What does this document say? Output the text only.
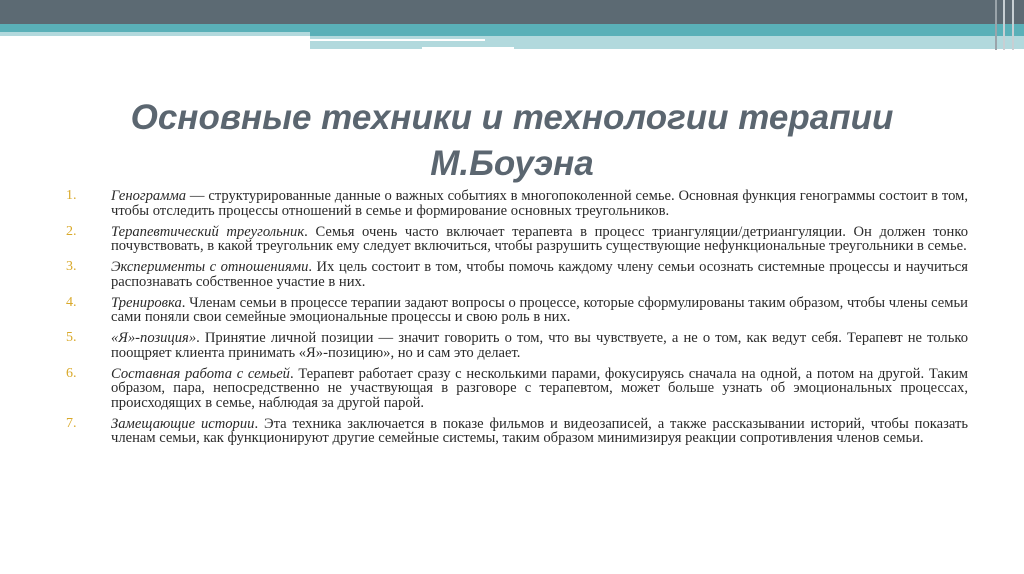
Основные техники и технологии терапии М.Боуэна
1.	Генограмма — структурированные данные о важных событиях в многопоколенной семье. Основная функция генограммы состоит в том, чтобы отследить процессы отношений в семье и формирование основных треугольников.
2.	Терапевтический треугольник. Семья очень часто включает терапевта в процесс триангуляции/детриангуляции. Он должен тонко почувствовать, в какой треугольник ему следует включиться, чтобы разрушить существующие нефункциональные треугольники в семье.
3.	Эксперименты с отношениями. Их цель состоит в том, чтобы помочь каждому члену семьи осознать системные процессы и научиться распознавать собственное участие в них.
4.	Тренировка. Членам семьи в процессе терапии задают вопросы о процессе, которые сформулированы таким образом, чтобы члены семьи сами поняли свои семейные эмоциональные процессы и свою роль в них.
5.	«Я»-позиция». Принятие личной позиции — значит говорить о том, что вы чувствуете, а не о том, как ведут себя. Терапевт не только поощряет клиента принимать «Я»-позицию», но и сам это делает.
6.	Составная работа с семьей. Терапевт работает сразу с несколькими парами, фокусируясь сначала на одной, а потом на другой. Таким образом, пара, непосредственно не участвующая в разговоре с терапевтом, может больше узнать об эмоциональных процессах, происходящих в семье, наблюдая за другой парой.
7.	Замещающие истории. Эта техника заключается в показе фильмов и видеозаписей, а также рассказывании историй, чтобы показать членам семьи, как функционируют другие семейные системы, таким образом минимизируя реакции сопротивления членов семьи.
